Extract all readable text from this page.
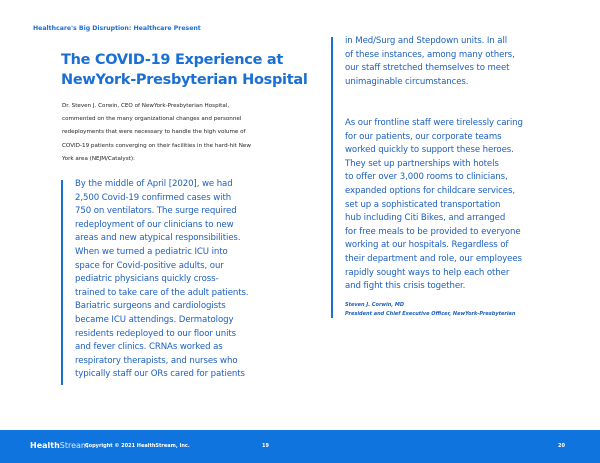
Healthcare's Big Disruption: Healthcare Present
The COVID-19 Experience at
NewYork-Presbyterian Hospital
Dr. Steven J. Corwin, CEO of NewYork-Presbyterian Hospital,
commented on the many organizational changes and personnel
redeployments that were necessary to handle the high volume of
COVID-19 patients converging on their facilities in the hard-hit New
York area (NEJM/Catalyst):
By the middle of April [2020], we had
2,500 Covid-19 confirmed cases with
750 on ventilators. The surge required
redeployment of our clinicians to new
areas and new atypical responsibilities.
When we turned a pediatric ICU into
space for Covid-positive adults, our
pediatric physicians quickly cross-
trained to take care of the adult patients.
Bariatric surgeons and cardiologists
became ICU attendings. Dermatology
residents redeployed to our floor units
and fever clinics. CRNAs worked as
respiratory therapists, and nurses who
typically staff our ORs cared for patients
in Med/Surg and Stepdown units. In all
of these instances, among many others,
our staff stretched themselves to meet
unimaginable circumstances.
As our frontline staff were tirelessly caring
for our patients, our corporate teams
worked quickly to support these heroes.
They set up partnerships with hotels
to offer over 3,000 rooms to clinicians,
expanded options for childcare services,
set up a sophisticated transportation
hub including Citi Bikes, and arranged
for free meals to be provided to everyone
working at our hospitals. Regardless of
their department and role, our employees
rapidly sought ways to help each other
and fight this crisis together.
Steven J. Corwin, MD
President and Chief Executive Officer, NewYork-Presbyterian
HealthStream
Copyright © 2021 HealthStream, Inc.	19	20
